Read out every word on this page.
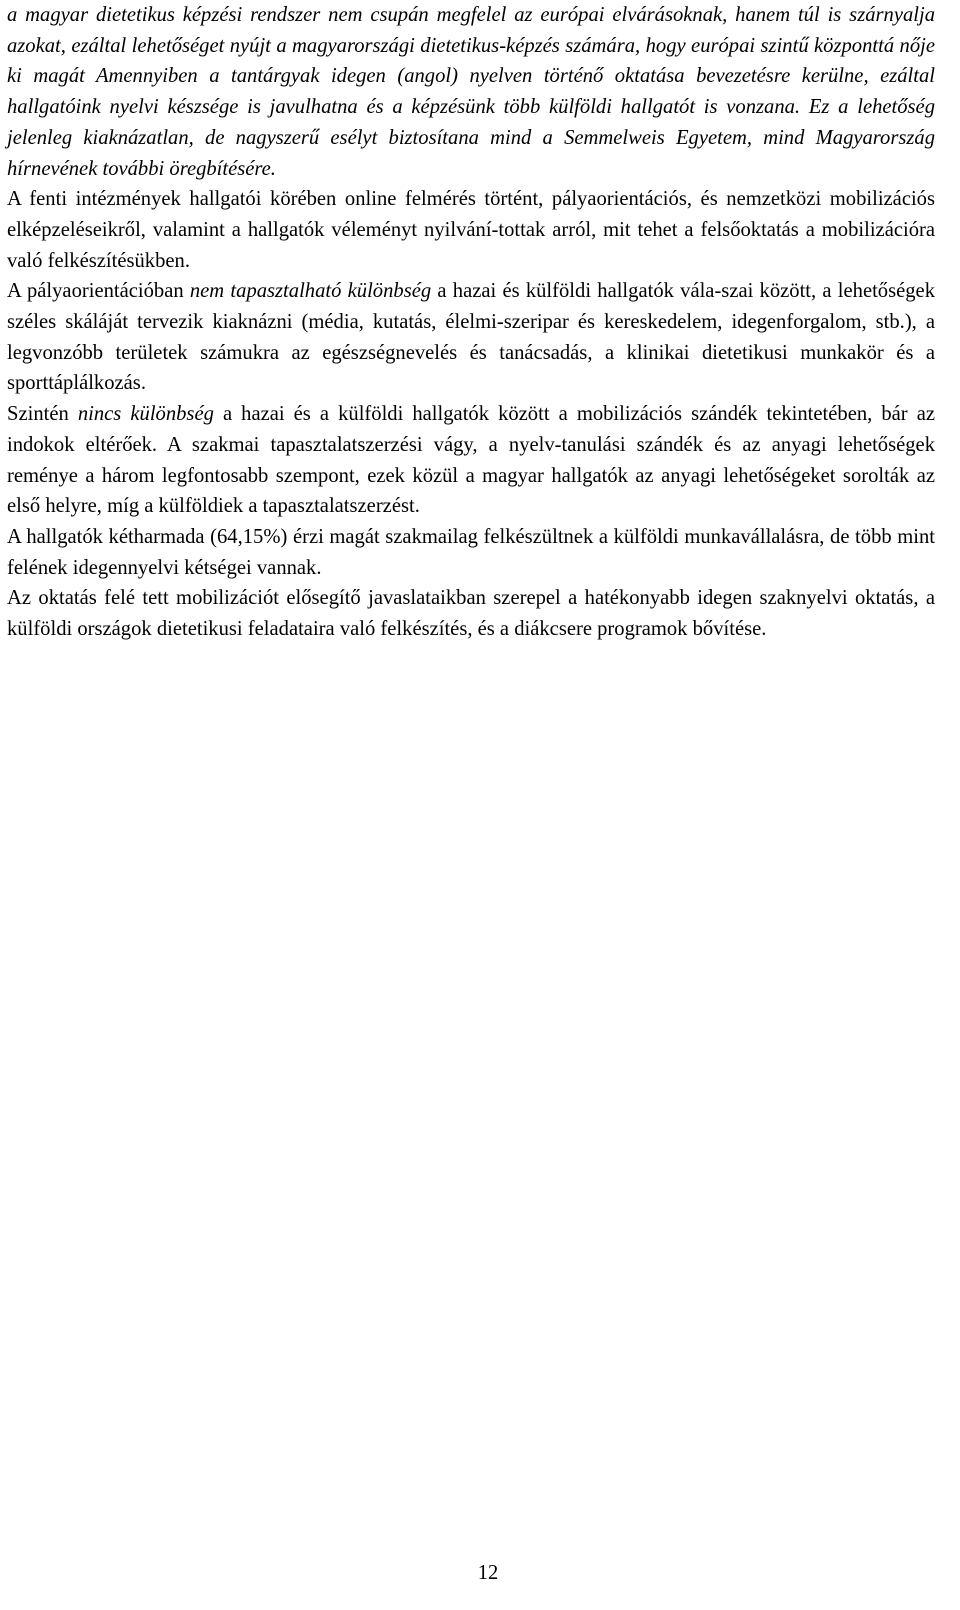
a magyar dietetikus képzési rendszer nem csupán megfelel az európai elvárásoknak, hanem túl is szárnyalja azokat, ezáltal lehetőséget nyújt a magyarországi dietetikus-képzés számára, hogy európai szintű központtá nője ki magát Amennyiben a tantárgyak idegen (angol) nyelven történő oktatása bevezetésre kerülne, ezáltal hallgatóink nyelvi készsége is javulhatna és a képzésünk több külföldi hallgatót is vonzana. Ez a lehetőség jelenleg kiaknázatlan, de nagyszerű esélyt biztosítana mind a Semmelweis Egyetem, mind Magyarország hírnevének további öregbítésére.

A fenti intézmények hallgatói körében online felmérés történt, pályaorientációs, és nemzetközi mobilizációs elképzeléseikről, valamint a hallgatók véleményt nyilvání-tottak arról, mit tehet a felsőoktatás a mobilizációra való felkészítésükben.

A pályaorientációban nem tapasztalható különbség a hazai és külföldi hallgatók vála-szai között, a lehetőségek széles skáláját tervezik kiaknázni (média, kutatás, élelmi-szeripar és kereskedelem, idegenforgalom, stb.), a legvonzóbb területek számukra az egészségnevelés és tanácsadás, a klinikai dietetikusi munkakör és a sporttáplálkozás.

Szintén nincs különbség a hazai és a külföldi hallgatók között a mobilizációs szándék tekintetében, bár az indokok eltérőek. A szakmai tapasztalatszerzési vágy, a nyelv-tanulási szándék és az anyagi lehetőségek reménye a három legfontosabb szempont, ezek közül a magyar hallgatók az anyagi lehetőségeket sorolták az első helyre, míg a külföldiek a tapasztalatszerzést.

A hallgatók kétharmada (64,15%) érzi magát szakmailag felkészültnek a külföldi munkavállalásra, de több mint felének idegennyelvi kétségei vannak.

Az oktatás felé tett mobilizációt elősegítő javaslataikban szerepel a hatékonyabb idegen szaknyelvi oktatás, a külföldi országok dietetikusi feladataira való felkészítés, és a diákcsere programok bővítése.

12
